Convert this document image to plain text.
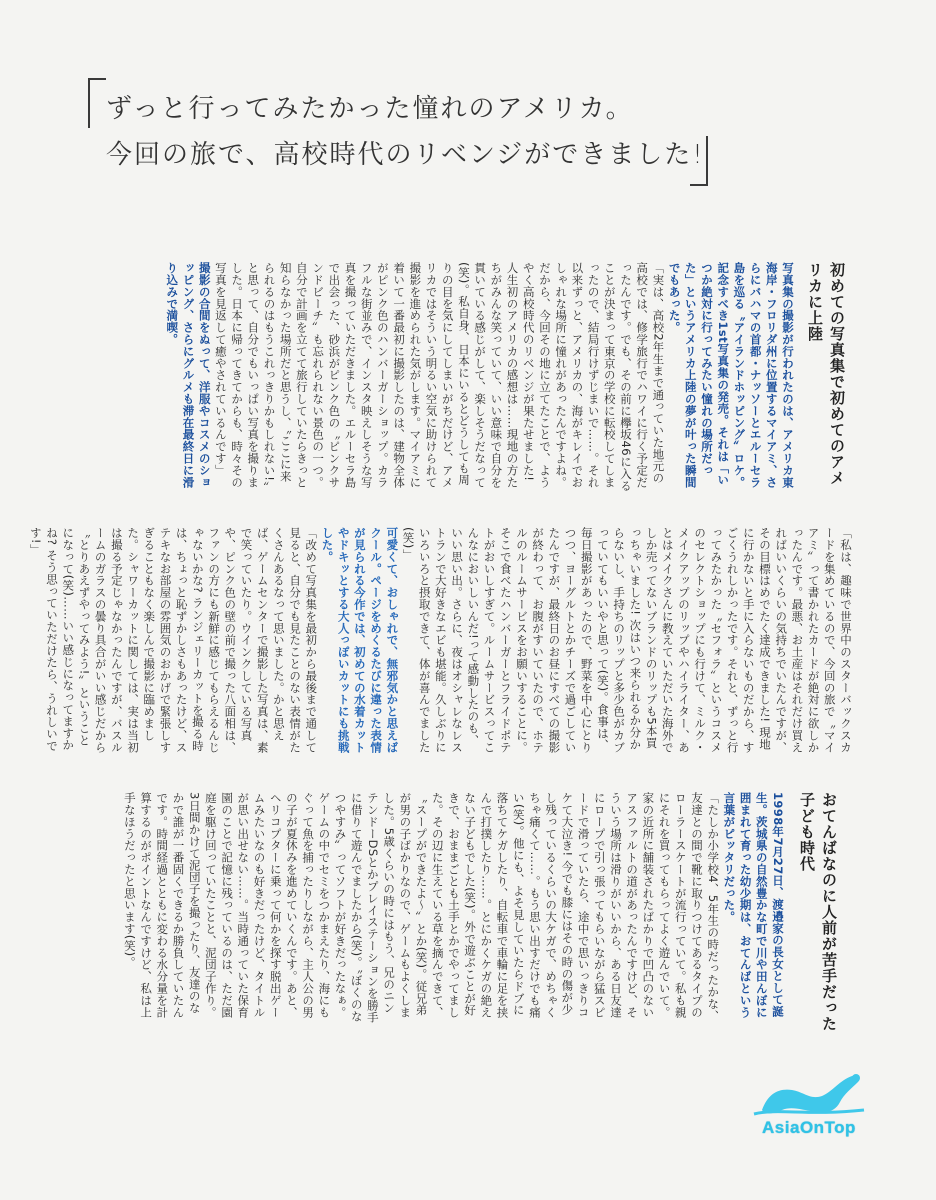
ずっと行ってみたかった憧れのアメリカ。
今回の旅で、高校時代のリベンジができました!
初めての写真集で初めてのアメリカに上陸
写真集の撮影が行われたのは、アメリカ東海岸・フロリダ州に位置するマイアミ、さらにバハマの首都・ナッソーとエルーセラ島を巡る〝アイランドホッピング〟ロケ。記念すべき1st写真集の発売。それは「いつか絶対に行ってみたい憧れの場所だった」というアメリカ上陸の夢が叶った瞬間でもあった。
「実は、高校2年生まで通っていた地元の高校では、修学旅行でハワイに行く予定だったんです。でも、その前に欅坂46に入ることが決まって東京の学校に転校してしまったので、結局行けずじまいで……。それ以来ずっと、アメリカの、海がキレイでおしゃれな場所に憧れがあったんですよね。だから、今回その地に立てたことで、ようやく高校時代のリベンジが果たせました! 人生初のアメリカの感想は……現地の方たちがみんな笑っていて、いい意味で自分を貫いている感じがして、楽しそうだなって(笑)。私自身、日本にいるとどうしても周りの目を気にしてしまいがちだけど、アメリカではそういう明るい空気に助けられて撮影を進められた気がします。マイアミに着いて一番最初に撮影したのは、建物全体がピンク色のハンバーガーショップ。カラフルな街並みで、インスタ映えしそうな写真を撮っていただきました。エルーセラ島で出会った、砂浜がピンク色の〝ピンクサンドビーチ〟も忘れられない景色の一つ。自分で計画を立てて旅行していたらきっと知らなかった場所だと思うし、〝ここに来られるのはもうこれっきりかもしれない!〟と思って、自分でもいっぱい写真を撮りました。日本に帰ってきてからも、時々その写真を見返して癒やされているんです」
撮影の合間をぬって、洋服やコスメのショッピング、さらにグルメも滞在最終日に滑り込みで満喫。
「私は、趣味で世界中のスターバックスカードを集めているので、今回の旅で〝マイアミ〟って書かれたカードが絶対に欲しかったんです。最悪、お土産はそれだけ買えればいいくらいの気持ちでいたんですが、その目標はめでたく達成できました! 現地に行かないと手に入らないものだから、すごくうれしかったです。それと、ずっと行ってみたかった〝セフォラ〟というコスメのセレクトショップにも行けて、ミルク・メイクアップのリップやハイライター、あとはメイクさんに教えていただいた海外でしか売ってないブランドのリップも5本買っちゃいました! 次はいつ来られるか分からないし、手持ちのリップと多少色がカブっていてもいいやと思って(笑)。食事は、毎日撮影があったので、野菜を中心にとりつつ、ヨーグルトとかチーズで過ごしていたんですが、最終日のお昼にすべての撮影が終わって、お腹がすいていたので、ホテルのルームサービスをお願いすることに。そこで食べたハンバーガーとフライドポテトがおいしすぎて。ルームサービスってこんなにおいしいんだ!って感動したのも、いい思い出。さらに、夜はオシャレなレストランで大好きなエビも堪能。久しぶりにいろいろと摂取できて、体が喜んでました(笑)」
可愛くて、おしゃれで、無邪気かと思えばクール。ページをめくるたびに違った表情が見られる今作では、初めての水着カットやドキッとする大人っぽいカットにも挑戦した。
「改めて写真集を最初から最後まで通して見ると、自分でも見たことのない表情がたくさんあるなって思いました。かと思えば、ゲームセンターで撮影した写真は、素で笑っていたり。ウインクしている写真や、ピンク色の壁の前で撮った八面相は、ファンの方にも新鮮に感じてもらえるんじゃないかな? ランジェリーカットを撮る時は、ちょっと恥ずかしさもあったけど、ステキなお部屋の雰囲気のおかげで緊張しすぎることもなく楽しんで撮影に臨めました。シャワーカットに関しては、実は当初は撮る予定じゃなかったんですが、バスルームのガラスの曇り具合がいい感じだから〝とりあえずやってみよう!〟ということになって(笑)……いい感じになってますかね? そう思っていただけたら、うれしいです!」
おてんばなのに人前が苦手だった子ども時代
1998年7月27日、渡邉家の長女として誕生。茨城県の自然豊かな町で川や田んぼに囲まれて育った幼少期は、おてんばという言葉がピッタリだった。
「たしか小学校4、5年生の時だったかな、友達との間で靴に取りつけてあるタイプのローラースケートが流行っていて。私も親にそれを買ってもらってよく遊んでいて。家の近所に舗装されたばかりで凹凸のないアスファルトの道があったんですけど、そういう場所は滑りがいいから、ある日友達にロープで引っ張ってもらいながら猛スピードで滑っていたら、途中で思いっきりコケて大泣き! 今でも膝にはその時の傷が少し残っているくらいの大ケガで、めちゃくちゃ痛くて……。もう思い出すだけでも痛い(笑)。他にも、よそ見していたらドブに落ちてケガしたり、自転車で車輪に足を挟んで打撲したり……。とにかくケガの絶えない子どもでした(笑)。外で遊ぶことが好きで、おままごとも土手とかでやってました。その辺に生えている草を摘んできて、〝スープができたよ〜〟とか(笑)。従兄弟が男の子ばかりなので、ゲームもよくしました。5歳くらいの時にはもう、兄のニンテンドーDSとかプレイステーションを勝手に借りて遊んでましたから(笑)。〝ぼくのなつやすみ〟ってソフトが好きだったなぁ。ゲームの中でセミをつかまえたり、海にもぐって魚を捕ったりしながら、主人公の男の子が夏休みを進めていくんです。あと、ヘリコプターに乗って何かを探す脱出ゲームみたいなのも好きだったけど、タイトルが思い出せない……。当時通っていた保育園のことで記憶に残っているのは、ただ園庭を駆け回っていたことと、泥団子作り。3日間かけて泥団子を撮ったり、友達のなかで誰が一番固くできるか勝負していたんです。時間経過とともに変わる水分量を計算するのがポイントなんですけど、私は上手なほうだったと思います(笑)。
AsiaOnTop
